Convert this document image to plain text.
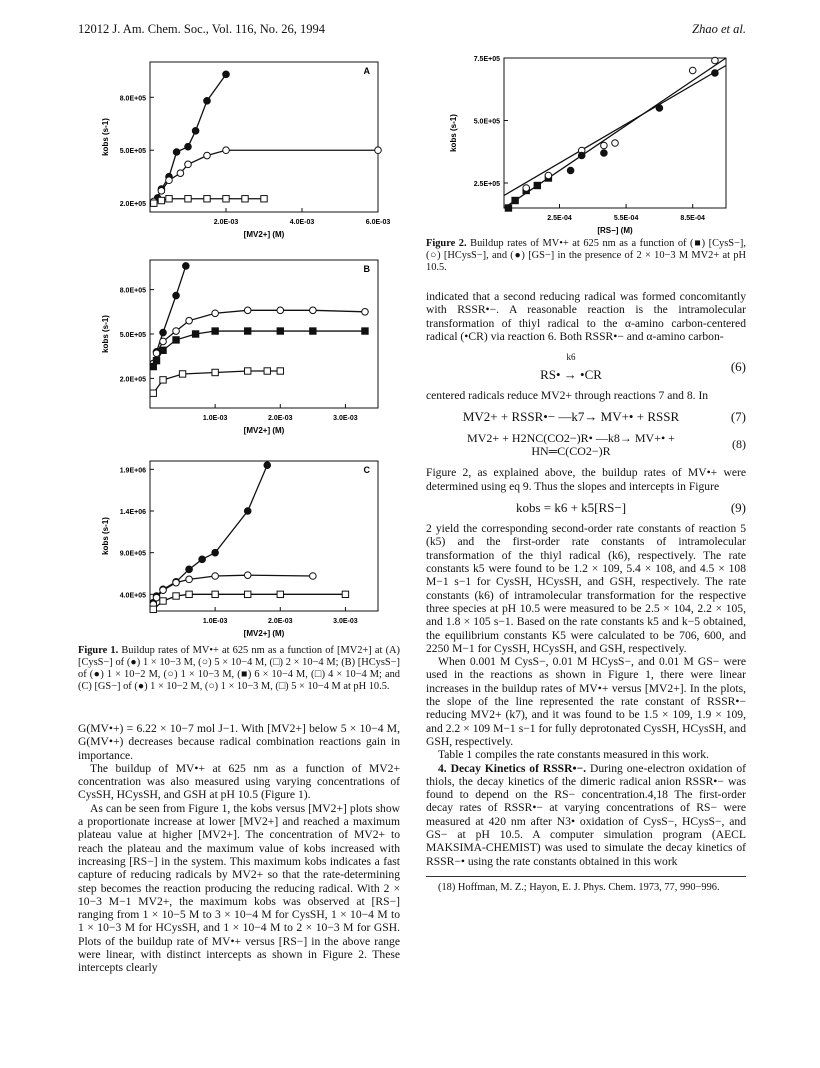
12012 J. Am. Chem. Soc., Vol. 116, No. 26, 1994	Zhao et al.
2.0E-03	4.0E-03	6.0E-03
2.0E+05
5.0E+05
8.0E+05
[MV2+] (M)
kobs (s-1)
A
1.0E-03	2.0E-03	3.0E-03
2.0E+05
5.0E+05
8.0E+05
[MV2+] (M)
kobs (s-1)
B
1.0E-03	2.0E-03	3.0E-03
4.0E+05
9.0E+05
1.4E+06
1.9E+06
[MV2+] (M)
kobs (s-1)
C
Figure 1. Buildup rates of MV•+ at 625 nm as a function of [MV2+] at (A) [CysS−] of (●) 1 × 10−3 M, (○) 5 × 10−4 M, (□) 2 × 10−4 M; (B) [HCysS−] of (●) 1 × 10−2 M, (○) 1 × 10−3 M, (■) 6 × 10−4 M, (□) 4 × 10−4 M; and (C) [GS−] of (●) 1 × 10−2 M, (○) 1 × 10−3 M, (□) 5 × 10−4 M at pH 10.5.

G(MV•+) = 6.22 × 10−7 mol J−1. With [MV2+] below 5 × 10−4 M, G(MV•+) decreases because radical combination reactions gain in importance.

The buildup of MV•+ at 625 nm as a function of MV2+ concentration was also measured using varying concentrations of CysSH, HCysSH, and GSH at pH 10.5 (Figure 1).

As can be seen from Figure 1, the kobs versus [MV2+] plots show a proportionate increase at lower [MV2+] and reached a maximum plateau value at higher [MV2+]. The concentration of MV2+ to reach the plateau and the maximum value of kobs increased with increasing [RS−] in the system. This maximum kobs indicates a fast capture of reducing radicals by MV2+ so that the rate-determining step becomes the reaction producing the reducing radical. With 2 × 10−3 M−1 MV2+, the maximum kobs was observed at [RS−] ranging from 1 × 10−5 M to 3 × 10−4 M for CysSH, 1 × 10−4 M to 1 × 10−3 M for HCysSH, and 1 × 10−4 M to 2 × 10−3 M for GSH. Plots of the buildup rate of MV•+ versus [RS−] in the above range were linear, with distinct intercepts as shown in Figure 2. These intercepts clearly

2.5E-04	5.5E-04	8.5E-04
2.5E+05
5.0E+05
7.5E+05
[RS−] (M)
kobs (s-1)
Figure 2. Buildup rates of MV•+ at 625 nm as a function of (■) [CysS−], (○) [HCysS−], and (●) [GS−] in the presence of 2 × 10−3 M MV2+ at pH 10.5.

indicated that a second reducing radical was formed concomitantly with RSSR•−. A reasonable reaction is the intramolecular transformation of thiyl radical to the α-amino carbon-centered radical (•CR) via reaction 6. Both RSSR•− and α-amino carbon-

$^{k6}$
RS• → •CR
(6)

centered radicals reduce MV2+ through reactions 7 and 8. In

MV2+ + RSSR•− —k7→ MV+• + RSSR	(7)
MV2+ + H2NC(CO2−)R• —k8→ MV+• + HN═C(CO2−)R	(8)

Figure 2, as explained above, the buildup rates of MV•+ were determined using eq 9. Thus the slopes and intercepts in Figure

kobs = k6 + k5[RS−]	(9)

2 yield the corresponding second-order rate constants of reaction 5 (k5) and the first-order rate constants of intramolecular transformation of the thiyl radical (k6), respectively. The rate constants k5 were found to be 1.2 × 109, 5.4 × 108, and 4.5 × 108 M−1 s−1 for CysSH, HCysSH, and GSH, respectively. The rate constants (k6) of intramolecular transformation for the respective three species at pH 10.5 were measured to be 2.5 × 104, 2.2 × 105, and 1.8 × 105 s−1. Based on the rate constants k5 and k−5 obtained, the equilibrium constants K5 were calculated to be 706, 600, and 2250 M−1 for CysSH, HCysSH, and GSH, respectively.

When 0.001 M CysS−, 0.01 M HCysS−, and 0.01 M GS− were used in the reactions as shown in Figure 1, there were linear increases in the buildup rates of MV•+ versus [MV2+]. In the plots, the slope of the line represented the rate constant of RSSR•− reducing MV2+ (k7), and it was found to be 1.5 × 109, 1.9 × 109, and 2.2 × 109 M−1 s−1 for fully deprotonated CysSH, HCysSH, and GSH, respectively.

Table 1 compiles the rate constants measured in this work.

4. Decay Kinetics of RSSR•−. During one-electron oxidation of thiols, the decay kinetics of the dimeric radical anion RSSR•− was found to depend on the RS− concentration.4,18 The first-order decay rates of RSSR•− at varying concentrations of RS− were measured at 420 nm after N3• oxidation of CysS−, HCysS−, and GS− at pH 10.5. A computer simulation program (AECL MAKSIMA-CHEMIST) was used to simulate the decay kinetics of RSSR−• using the rate constants obtained in this work

(18) Hoffman, M. Z.; Hayon, E. J. Phys. Chem. 1973, 77, 990−996.
